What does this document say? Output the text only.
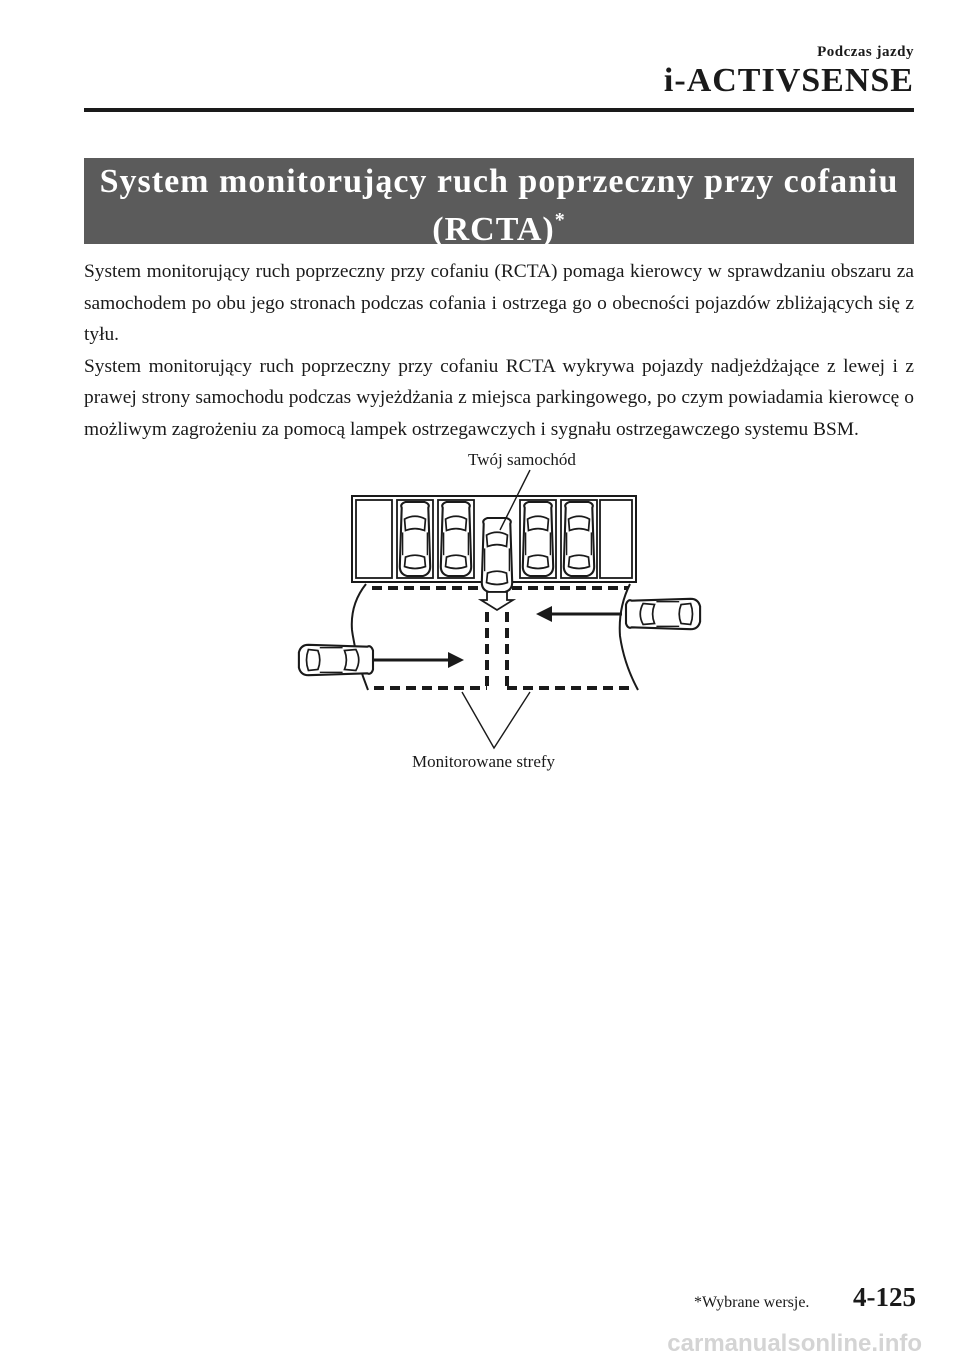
Podczas jazdy
i-ACTIVSENSE
System monitorujący ruch poprzeczny przy cofaniu
(RCTA)*

System monitorujący ruch poprzeczny przy cofaniu (RCTA) pomaga kierowcy w sprawdzaniu obszaru za samochodem po obu jego stronach podczas cofania i ostrzega go o obecności pojazdów zbliżających się z tyłu.

System monitorujący ruch poprzeczny przy cofaniu RCTA wykrywa pojazdy nadjeżdżające z lewej i z prawej strony samochodu podczas wyjeżdżania z miejsca parkingowego, po czym powiadamia kierowcę o możliwym zagrożeniu za pomocą lampek ostrzegawczych i sygnału ostrzegawczego systemu BSM.

Twój samochód
Monitorowane strefy
*Wybrane wersje. 4-125
carmanualsonline.info
